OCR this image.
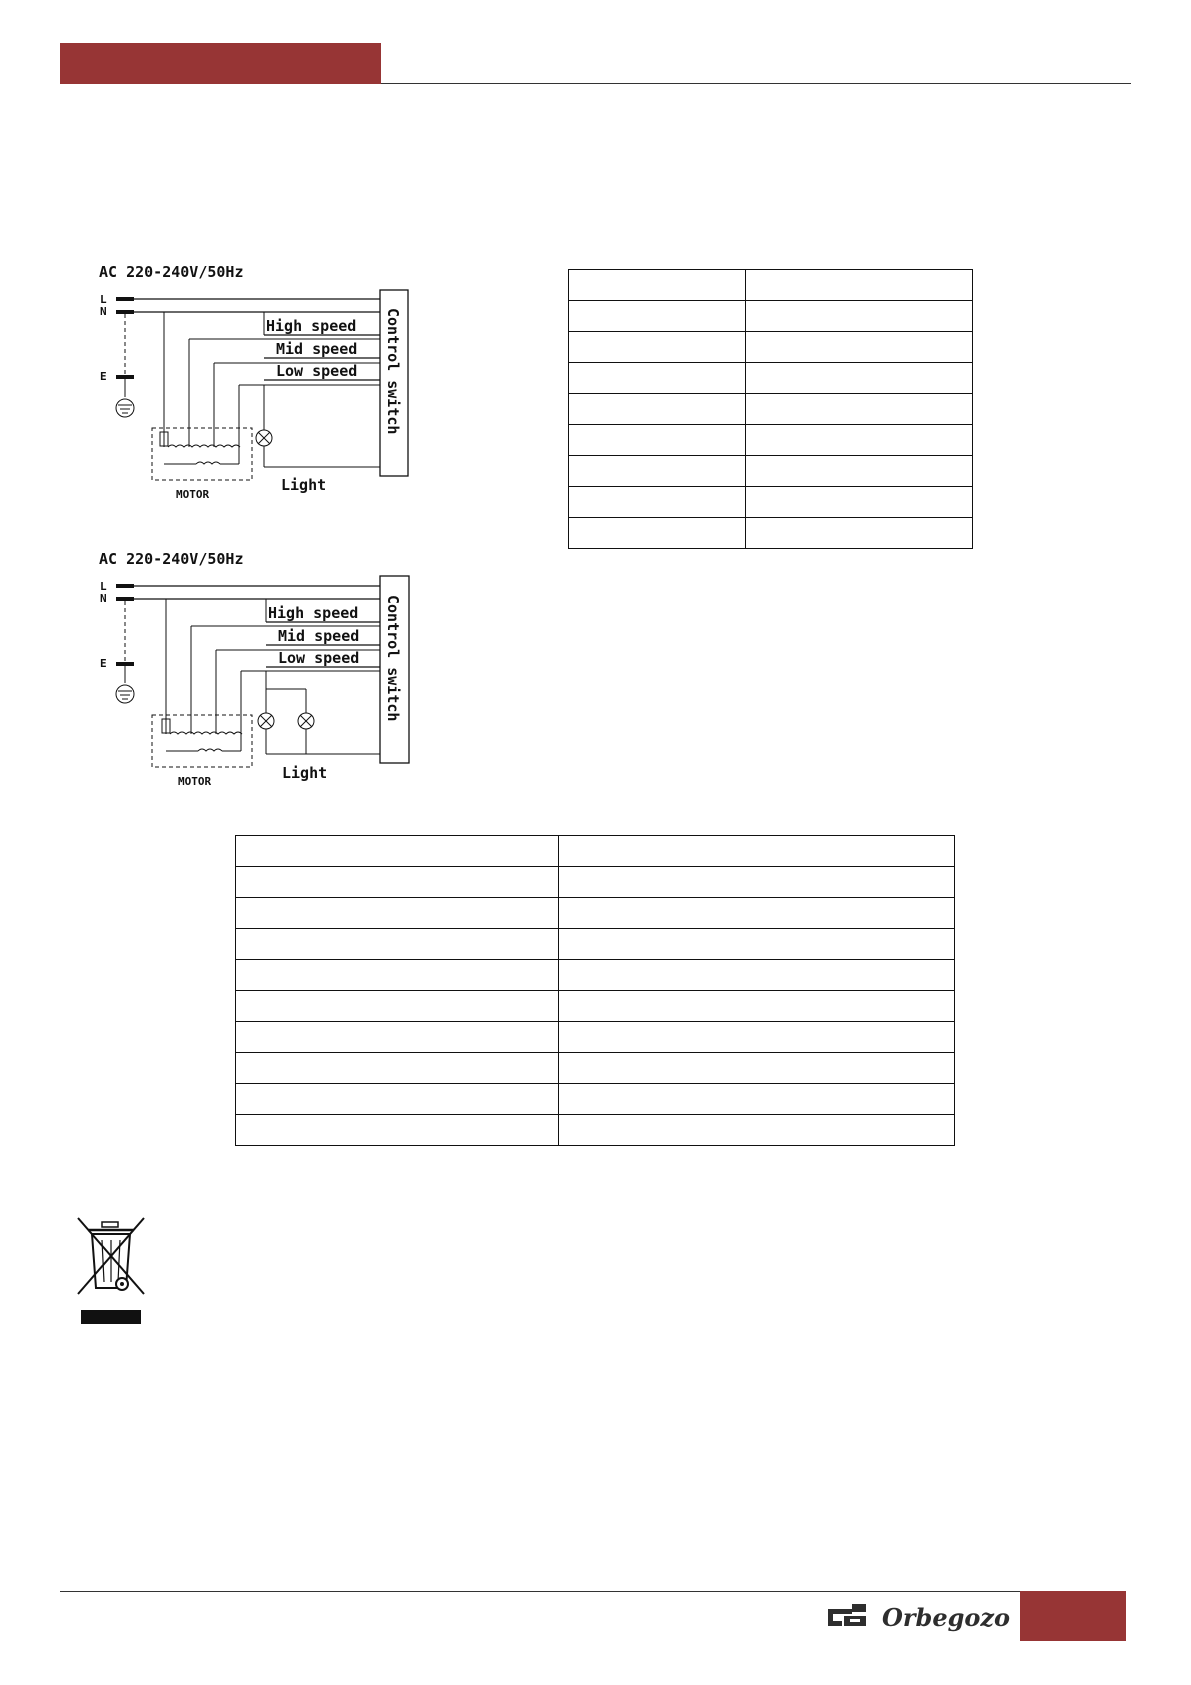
AC 220-240V/50Hz
L
N
E
High speed
Mid speed
Low speed
Light
MOTOR
Control switch
AC 220-240V/50Hz
L
N
E
High speed
Mid speed
Low speed
Light
MOTOR
Control switch

Orbegozo
